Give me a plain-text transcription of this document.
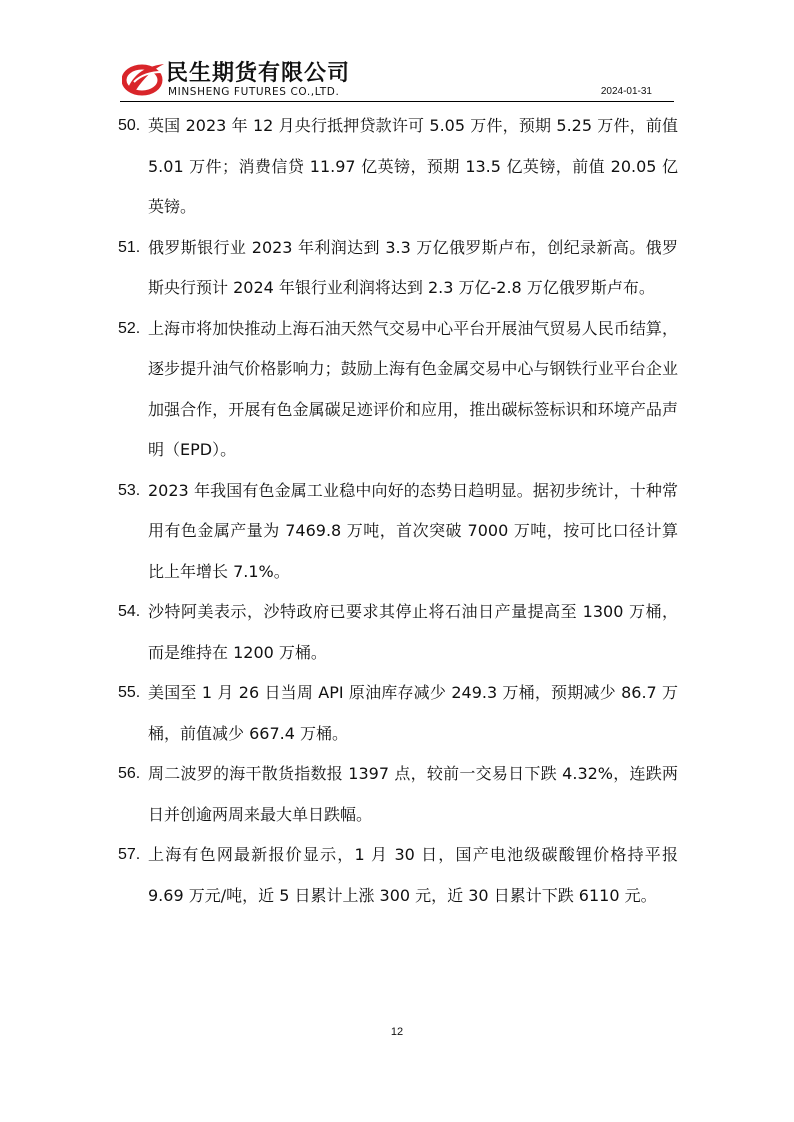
民生期货有限公司
MINSHENG FUTURES CO.,LTD.	2024-01-31
50. 英国 2023 年 12 月央行抵押贷款许可 5.05 万件，预期 5.25 万件，前值 5.01 万件；消费信贷 11.97 亿英镑，预期 13.5 亿英镑，前值 20.05 亿英镑。
51. 俄罗斯银行业 2023 年利润达到 3.3 万亿俄罗斯卢布，创纪录新高。俄罗斯央行预计 2024 年银行业利润将达到 2.3 万亿-2.8 万亿俄罗斯卢布。
52. 上海市将加快推动上海石油天然气交易中心平台开展油气贸易人民币结算，逐步提升油气价格影响力；鼓励上海有色金属交易中心与钢铁行业平台企业加强合作，开展有色金属碳足迹评价和应用，推出碳标签标识和环境产品声明（EPD）。
53. 2023 年我国有色金属工业稳中向好的态势日趋明显。据初步统计，十种常用有色金属产量为 7469.8 万吨，首次突破 7000 万吨，按可比口径计算比上年增长 7.1%。
54. 沙特阿美表示，沙特政府已要求其停止将石油日产量提高至 1300 万桶，而是维持在 1200 万桶。
55. 美国至 1 月 26 日当周 API 原油库存减少 249.3 万桶，预期减少 86.7 万桶，前值减少 667.4 万桶。
56. 周二波罗的海干散货指数报 1397 点，较前一交易日下跌 4.32%，连跌两日并创逾两周来最大单日跌幅。
57. 上海有色网最新报价显示，1 月 30 日，国产电池级碳酸锂价格持平报 9.69 万元/吨，近 5 日累计上涨 300 元，近 30 日累计下跌 6110 元。
12
